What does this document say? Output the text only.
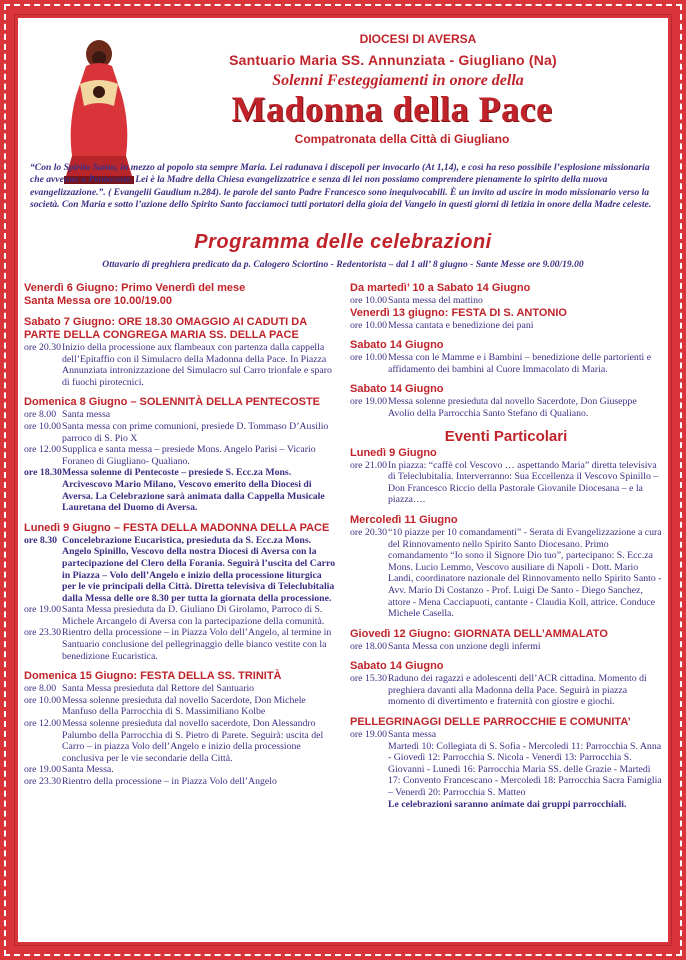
DIOCESI DI AVERSA
Santuario Maria SS. Annunziata - Giugliano (Na)
Solenni Festeggiamenti in onore della
Madonna della Pace
Compatronata della Città di Giugliano
“Con lo Spirito Santo, in mezzo al popolo sta sempre Maria. Lei radunava i discepoli per invocarlo (At 1,14), e così ha reso possibile l’esplosione missionaria che avvenne a Pentecoste. Lei è la Madre della Chiesa evangelizzatrice e senza di lei non possiamo comprendere pienamente lo spirito della nuova evangelizzazione.”. ( Evangelii Gaudium n.284). le parole del santo Padre Francesco sono inequivocabili. È un invito ad uscire in modo missionario verso la società. Con Maria e sotto l’azione dello Spirito Santo facciamoci tutti portatori della gioia del Vangelo in questi giorni di letizia in onore della Madre celeste.
Programma delle celebrazioni
Ottavario di preghiera predicato da p. Calogero Sciortino - Redentorista – dal 1 all’ 8 giugno - Sante Messe ore 9.00/19.00
Venerdì 6 Giugno: Primo Venerdì del mese
Santa Messa ore 10.00/19.00
Sabato 7 Giugno: ORE 18.30 OMAGGIO AI CADUTI DA PARTE DELLA CONGREGA MARIA SS. DELLA PACE
ore 20.30 Inizio della processione aux flambeaux con partenza dalla cappella dell’Epitaffio con il Simulacro della Madonna della Pace. In Piazza Annunziata intronizzazione del Simulacro sul Carro trionfale e sparo di fuochi pirotecnici.
Domenica 8 Giugno – SOLENNITÀ DELLA PENTECOSTE
ore 8.00 Santa messa
ore 10.00 Santa messa con prime comunioni, presiede D. Tommaso D’Ausilio parroco di S. Pio X
ore 12.00 Supplica e santa messa – presiede Mons. Angelo Parisi – Vicario Foraneo di Giugliano- Qualiano.
ore 18.30 Messa solenne di Pentecoste – presiede S. Ecc.za Mons. Arcivescovo Mario Milano, Vescovo emerito della Diocesi di Aversa. La Celebrazione sarà animata dalla Cappella Musicale Lauretana del Duomo di Aversa.
Lunedì 9 Giugno – FESTA DELLA MADONNA DELLA PACE
ore 8.30 Concelebrazione Eucaristica, presieduta da S. Ecc.za Mons. Angelo Spinillo, Vescovo della nostra Diocesi di Aversa con la partecipazione del Clero della Forania. Seguirà l’uscita del Carro in Piazza – Volo dell’Angelo e inizio della processione liturgica per le vie principali della Città. Diretta televisiva di Teleclubitalia dalla Messa delle ore 8.30 per tutta la giornata della processione.
ore 19.00 Santa Messa presieduta da D. Giuliano Di Girolamo, Parroco di S. Michele Arcangelo di Aversa con la partecipazione della comunità.
ore 23.30 Rientro della processione – in Piazza Volo dell’Angelo, al termine in Santuario conclusione del pellegrinaggio delle bianco vestite con la benedizione Eucaristica.
Domenica 15 Giugno: FESTA DELLA SS. TRINITÀ
ore 8.00 Santa Messa presieduta dal Rettore del Santuario
ore 10.00 Messa solenne presieduta dal novello Sacerdote, Don Michele Manfuso della Parrocchia di S. Massimiliano Kolbe
ore 12.00 Messa solenne presieduta dal novello sacerdote, Don Alessandro Palumbo della Parrocchia di S. Pietro di Parete. Seguirà: uscita del Carro – in piazza Volo dell’Angelo e inizio della processione conclusiva per le vie secondarie della Città.
ore 19.00 Santa Messa.
ore 23.30 Rientro della processione – in Piazza Volo dell’Angelo
Da martedì’ 10 a Sabato 14 Giugno
ore 10.00 Santa messa del mattino
Venerdì 13 giugno: FESTA DI S. ANTONIO
ore 10.00 Messa cantata e benedizione dei pani
Sabato 14 Giugno
ore 10.00 Messa con le Mamme e i Bambini – benedizione delle partorienti e affidamento dei bambini al Cuore Immacolato di Maria.
Sabato 14 Giugno
ore 19.00 Messa solenne presieduta dal novello Sacerdote, Don Giuseppe Avolio della Parrocchia Santo Stefano di Qualiano.
Eventi Particolari
Lunedì 9 Giugno
ore 21.00 In piazza: “caffè col Vescovo … aspettando Maria” diretta televisiva di Teleclubitalia. Interverranno: Sua Eccellenza il Vescovo Spinillo – Don Francesco Riccio della Pastorale Giovanile Diocesana – e la piazza….
Mercoledì 11 Giugno
ore 20.30 “10 piazze per 10 comandamenti” - Serata di Evangelizzazione a cura del Rinnovamento nello Spirito Santo Diocesano. Primo comandamento “Io sono il Signore Dio tuo”, partecipano: S. Ecc.za Mons. Lucio Lemmo, Vescovo ausiliare di Napoli - Dott. Mario Landi, coordinatore nazionale del Rinnovamento nello Spirito Santo - Avv. Mario Di Costanzo - Prof. Luigi De Santo - Diego Sanchez, attore - Mena Cacciapuoti, cantante - Claudia Koll, attrice. Conduce Michele Casella.
Giovedì 12 Giugno: GIORNATA DELL’AMMALATO
ore 18.00 Santa Messa con unzione degli infermi
Sabato 14 Giugno
ore 15.30 Raduno dei ragazzi e adolescenti dell’ACR cittadina. Momento di preghiera davanti alla Madonna della Pace. Seguirà in piazza momento di divertimento e fraternità con giostre e giochi.
PELLEGRINAGGI DELLE PARROCCHIE E COMUNITA’
ore 19.00 Santa messa
Martedì 10: Collegiata di S. Sofia - Mercoledì 11: Parrocchia S. Anna - Giovedì 12: Parrocchia S. Nicola - Venerdì 13: Parrocchia S. Giovanni - Lunedì 16: Parrocchia Maria SS. delle Grazie - Martedì 17: Convento Francescano - Mercoledì 18: Parrocchia Sacra Famiglia – Venerdì 20: Parrocchia S. Matteo
Le celebrazioni saranno animate dai gruppi parrocchiali.
